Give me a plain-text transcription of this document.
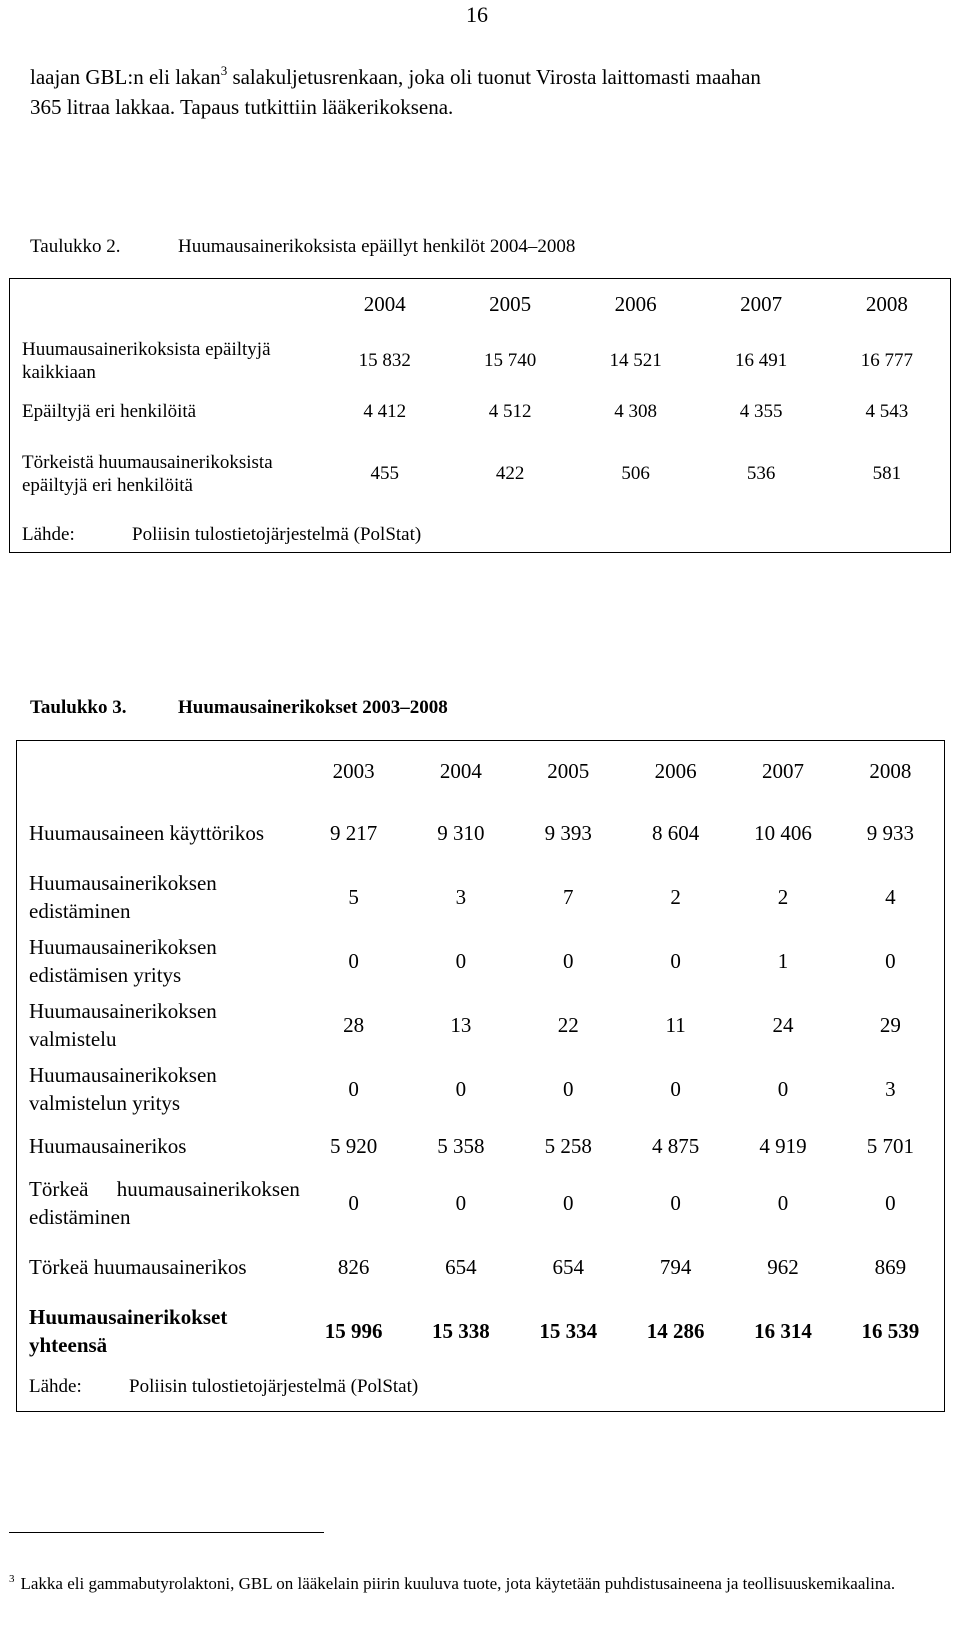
16
laajan GBL:n eli lakan$^3$ salakuljetusrenkaan, joka oli tuonut Virosta laittomasti maahan
365 litraa lakkaa. Tapaus tutkittiin lääkerikoksena.
Taulukko 2.	Huumausainerikoksista epäillyt henkilöt 2004–2008
	2004	2005	2006	2007	2008
Huumausainerikoksista epäiltyjä kaikkiaan	15 832	15 740	14 521	16 491	16 777
Epäiltyjä eri henkilöitä	4 412	4 512	4 308	4 355	4 543
Törkeistä huumausainerikoksista epäiltyjä eri henkilöitä	455	422	506	536	581
Lähde: Poliisin tulostietojärjestelmä (PolStat)					
Taulukko 3.	Huumausainerikokset 2003–2008
	2003	2004	2005	2006	2007	2008
Huumausaineen käyttörikos	9 217	9 310	9 393	8 604	10 406	9 933
Huumausainerikoksen edistäminen	5	3	7	2	2	4
Huumausainerikoksen edistämisen yritys	0	0	0	0	1	0
Huumausainerikoksen valmistelu	28	13	22	11	24	29
Huumausainerikoksen valmistelun yritys	0	0	0	0	0	3
Huumausainerikos	5 920	5 358	5 258	4 875	4 919	5 701
Törkeä huumausainerikoksen edistäminen	0	0	0	0	0	0
Törkeä huumausainerikos	826	654	654	794	962	869
Huumausainerikokset yhteensä	15 996	15 338	15 334	14 286	16 314	16 539
Lähde: Poliisin tulostietojärjestelmä (PolStat)						
$^3$ Lakka eli gammabutyrolaktoni, GBL on lääkelain piirin kuuluva tuote, jota käytetään puhdistusaineena ja teollisuuskemikaalina.
